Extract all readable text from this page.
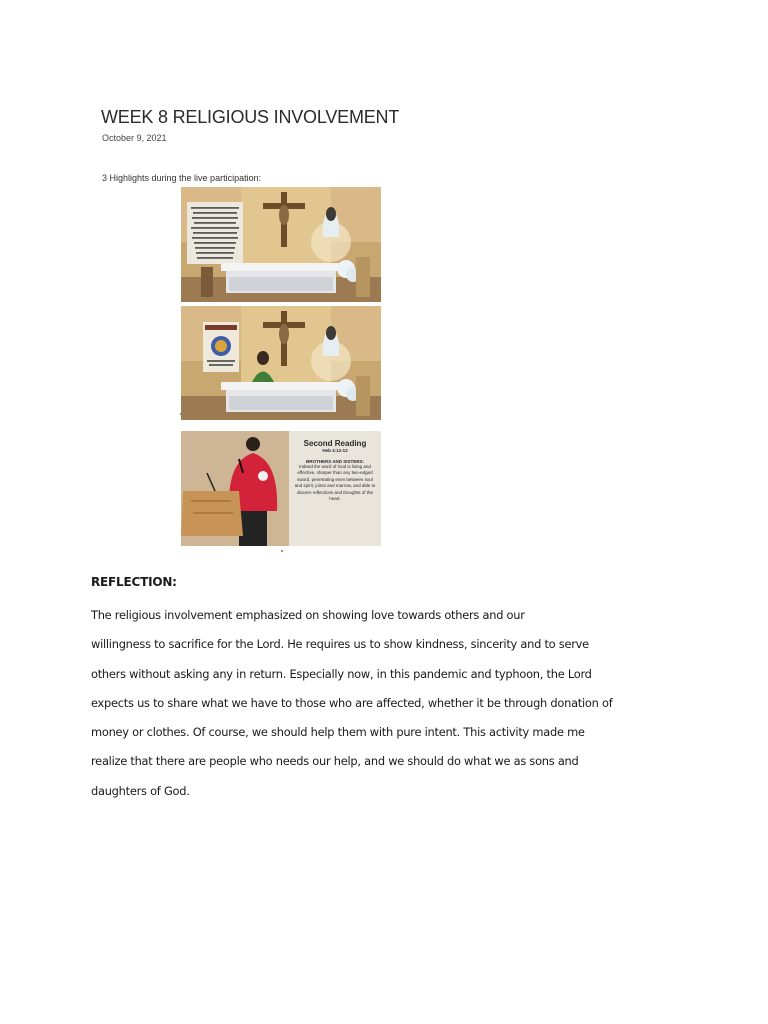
WEEK 8 RELIGIOUS INVOLVEMENT
October 9, 2021
3 Highlights during the live participation:
Second Reading
Heb 4:12-13
BROTHERS AND SISTERS:
Indeed the word of God is living and effective, sharper than any two-edged sword, penetrating even between soul and spirit, joints and marrow, and able to discern reflections and thoughts of the heart.
REFLECTION:

The religious involvement emphasized on showing love towards others and our
willingness to sacrifice for the Lord. He requires us to show kindness, sincerity and to serve
others without asking any in return. Especially now, in this pandemic and typhoon, the Lord
expects us to share what we have to those who are affected, whether it be through donation of
money or clothes. Of course, we should help them with pure intent. This activity made me
realize that there are people who needs our help, and we should do what we as sons and
daughters of God.
